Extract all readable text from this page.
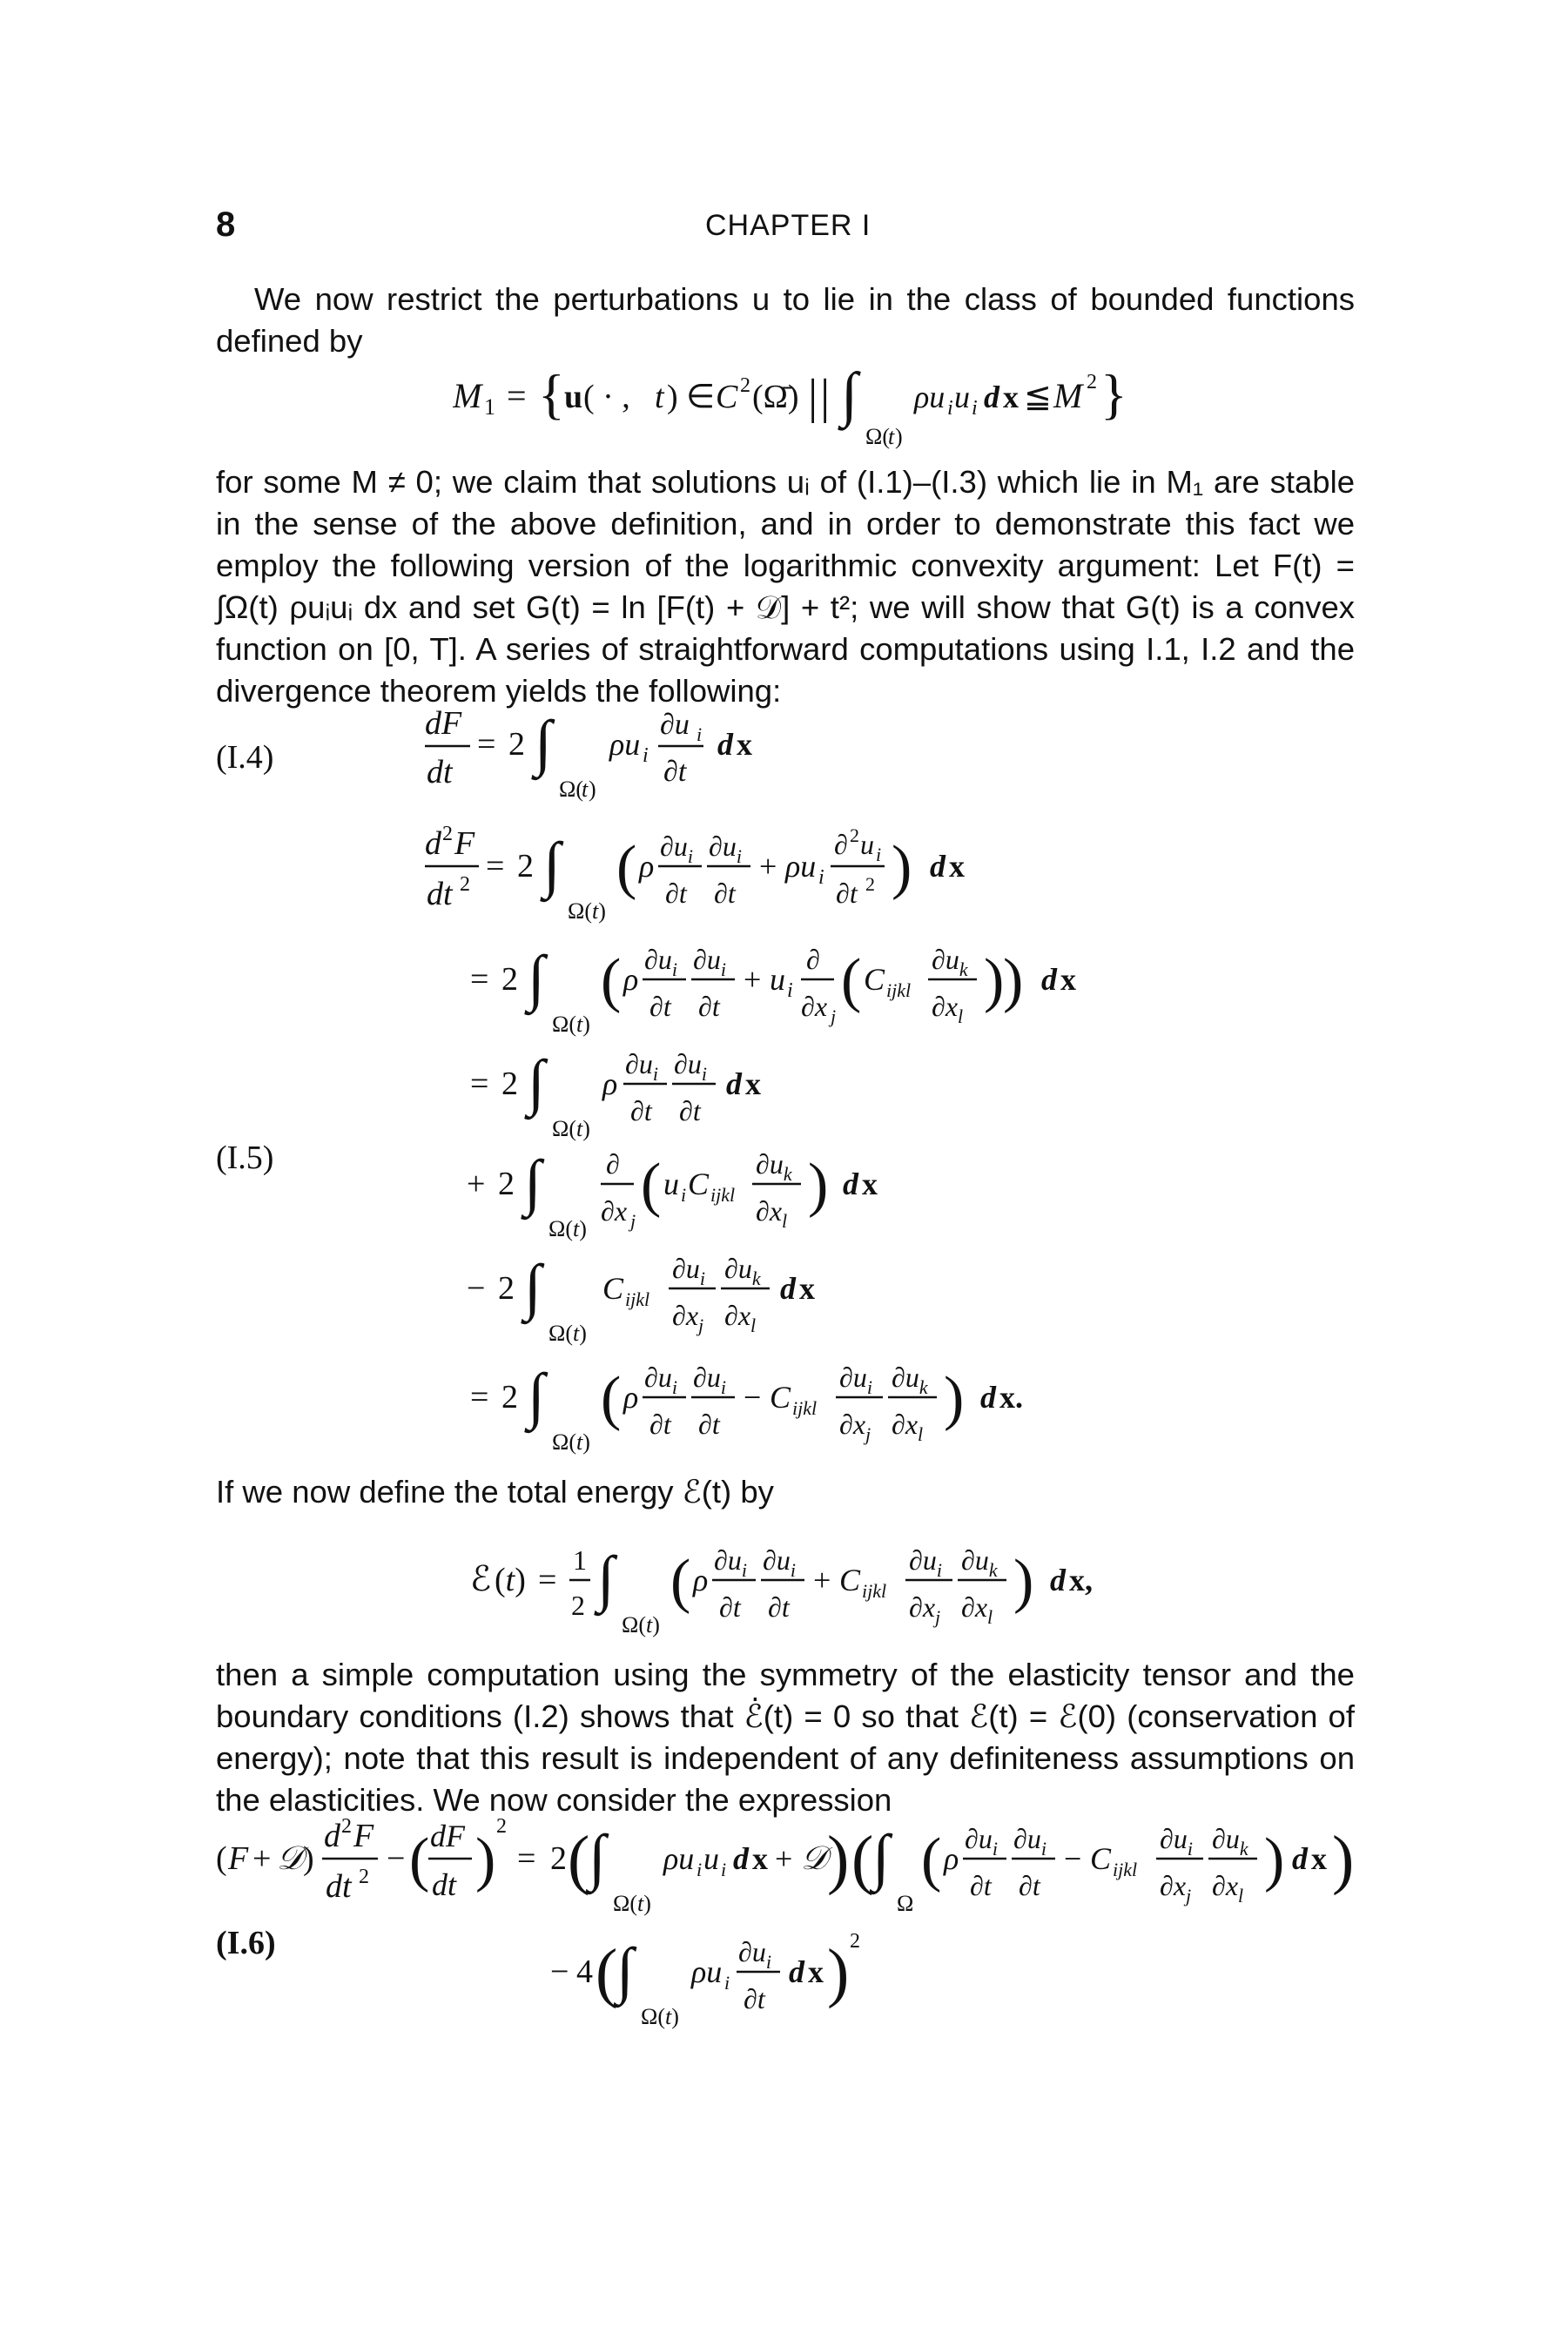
8	CHAPTER I
We now restrict the perturbations u to lie in the class of bounded functions defined by
M 1 = { u ( · , t ) ∈ C 2 (Ω̄) | | ∫
Ω(
t )
ρu i u i d x ≦ M 2 }
for some M ≠ 0; we claim that solutions uᵢ of (I.1)–(I.3) which lie in M₁ are stable in the sense of the above definition, and in order to demonstrate this fact we employ the following version of the logarithmic convexity argument: Let F(t) = ∫Ω(t) ρuᵢuᵢ dx and set G(t) = ln [F(t) + 𝒟] + t²; we will show that G(t) is a convex function on [0, T]. A series of straightforward computations using I.1, I.2 and the divergence theorem yields the following:
(I.4)
dF
dt
= 2 ∫
Ω(
t )
ρu i
∂u i
∂t
d x
(I.5)
d 2 F
dt 2 = 2 ∫
Ω(t)
( ρ
$\partial u_i$
∂t
$\partial u_i$
∂t
+ ρu i
∂ 2 u i
∂t 2 ) d x
= 2 ∫
Ω(t)
( ρ
$\partial u_i$
∂t
$\partial u_i$
∂t
+ u i
∂
∂x j
( C ijkl
$\partial u_k$
$\partial x_l$
)
) d x
= 2 ∫
Ω(t)
ρ
$\partial u_i$
∂t
$\partial u_i$
∂t
d x
+ 2 ∫
Ω(t)
∂
∂x j
( u i C ijkl
$\partial u_k$
$\partial x_l$
) d x
− 2 ∫
Ω(t)
C ijkl
$\partial u_i$
$\partial x_j$
$\partial u_k$
$\partial x_l$
d x
= 2 ∫
Ω(t)
( ρ
$\partial u_i$
∂t
$\partial u_i$
∂t
− C ijkl
$\partial u_i$
$\partial x_j$
$\partial u_k$
$\partial x_l$
) d x.
If we now define the total energy ℰ(t) by
ℰ (t) =
1
2 ∫
Ω(t)
( ρ
$\partial u_i$
∂t
$\partial u_i$
∂t
+ C ijkl
$\partial u_i$
$\partial x_j$
$\partial u_k$
$\partial x_l$
) d x,
then a simple computation using the symmetry of the elasticity tensor and the boundary conditions (I.2) shows that ℰ̇(t) = 0 so that ℰ(t) = ℰ(0) (conservation of energy); note that this result is independent of any definiteness assumptions on the elasticities. We now consider the expression
( F + 𝒟 )
d 2 F
dt 2 − ( dF
dt ) 2
= 2 (
∫
Ω(t)
ρu i u i d x + 𝒟 ) (
∫
Ω
( ρ
$\partial u_i$
∂t
$\partial u_i$
∂t
− C ijkl
$\partial u_i$
$\partial x_j$
$\partial u_k$
$\partial x_l$
) d x )
(I.6)
− 4 (
∫
Ω(t)
ρu i
$\partial u_i$
∂t
d x ) 2
